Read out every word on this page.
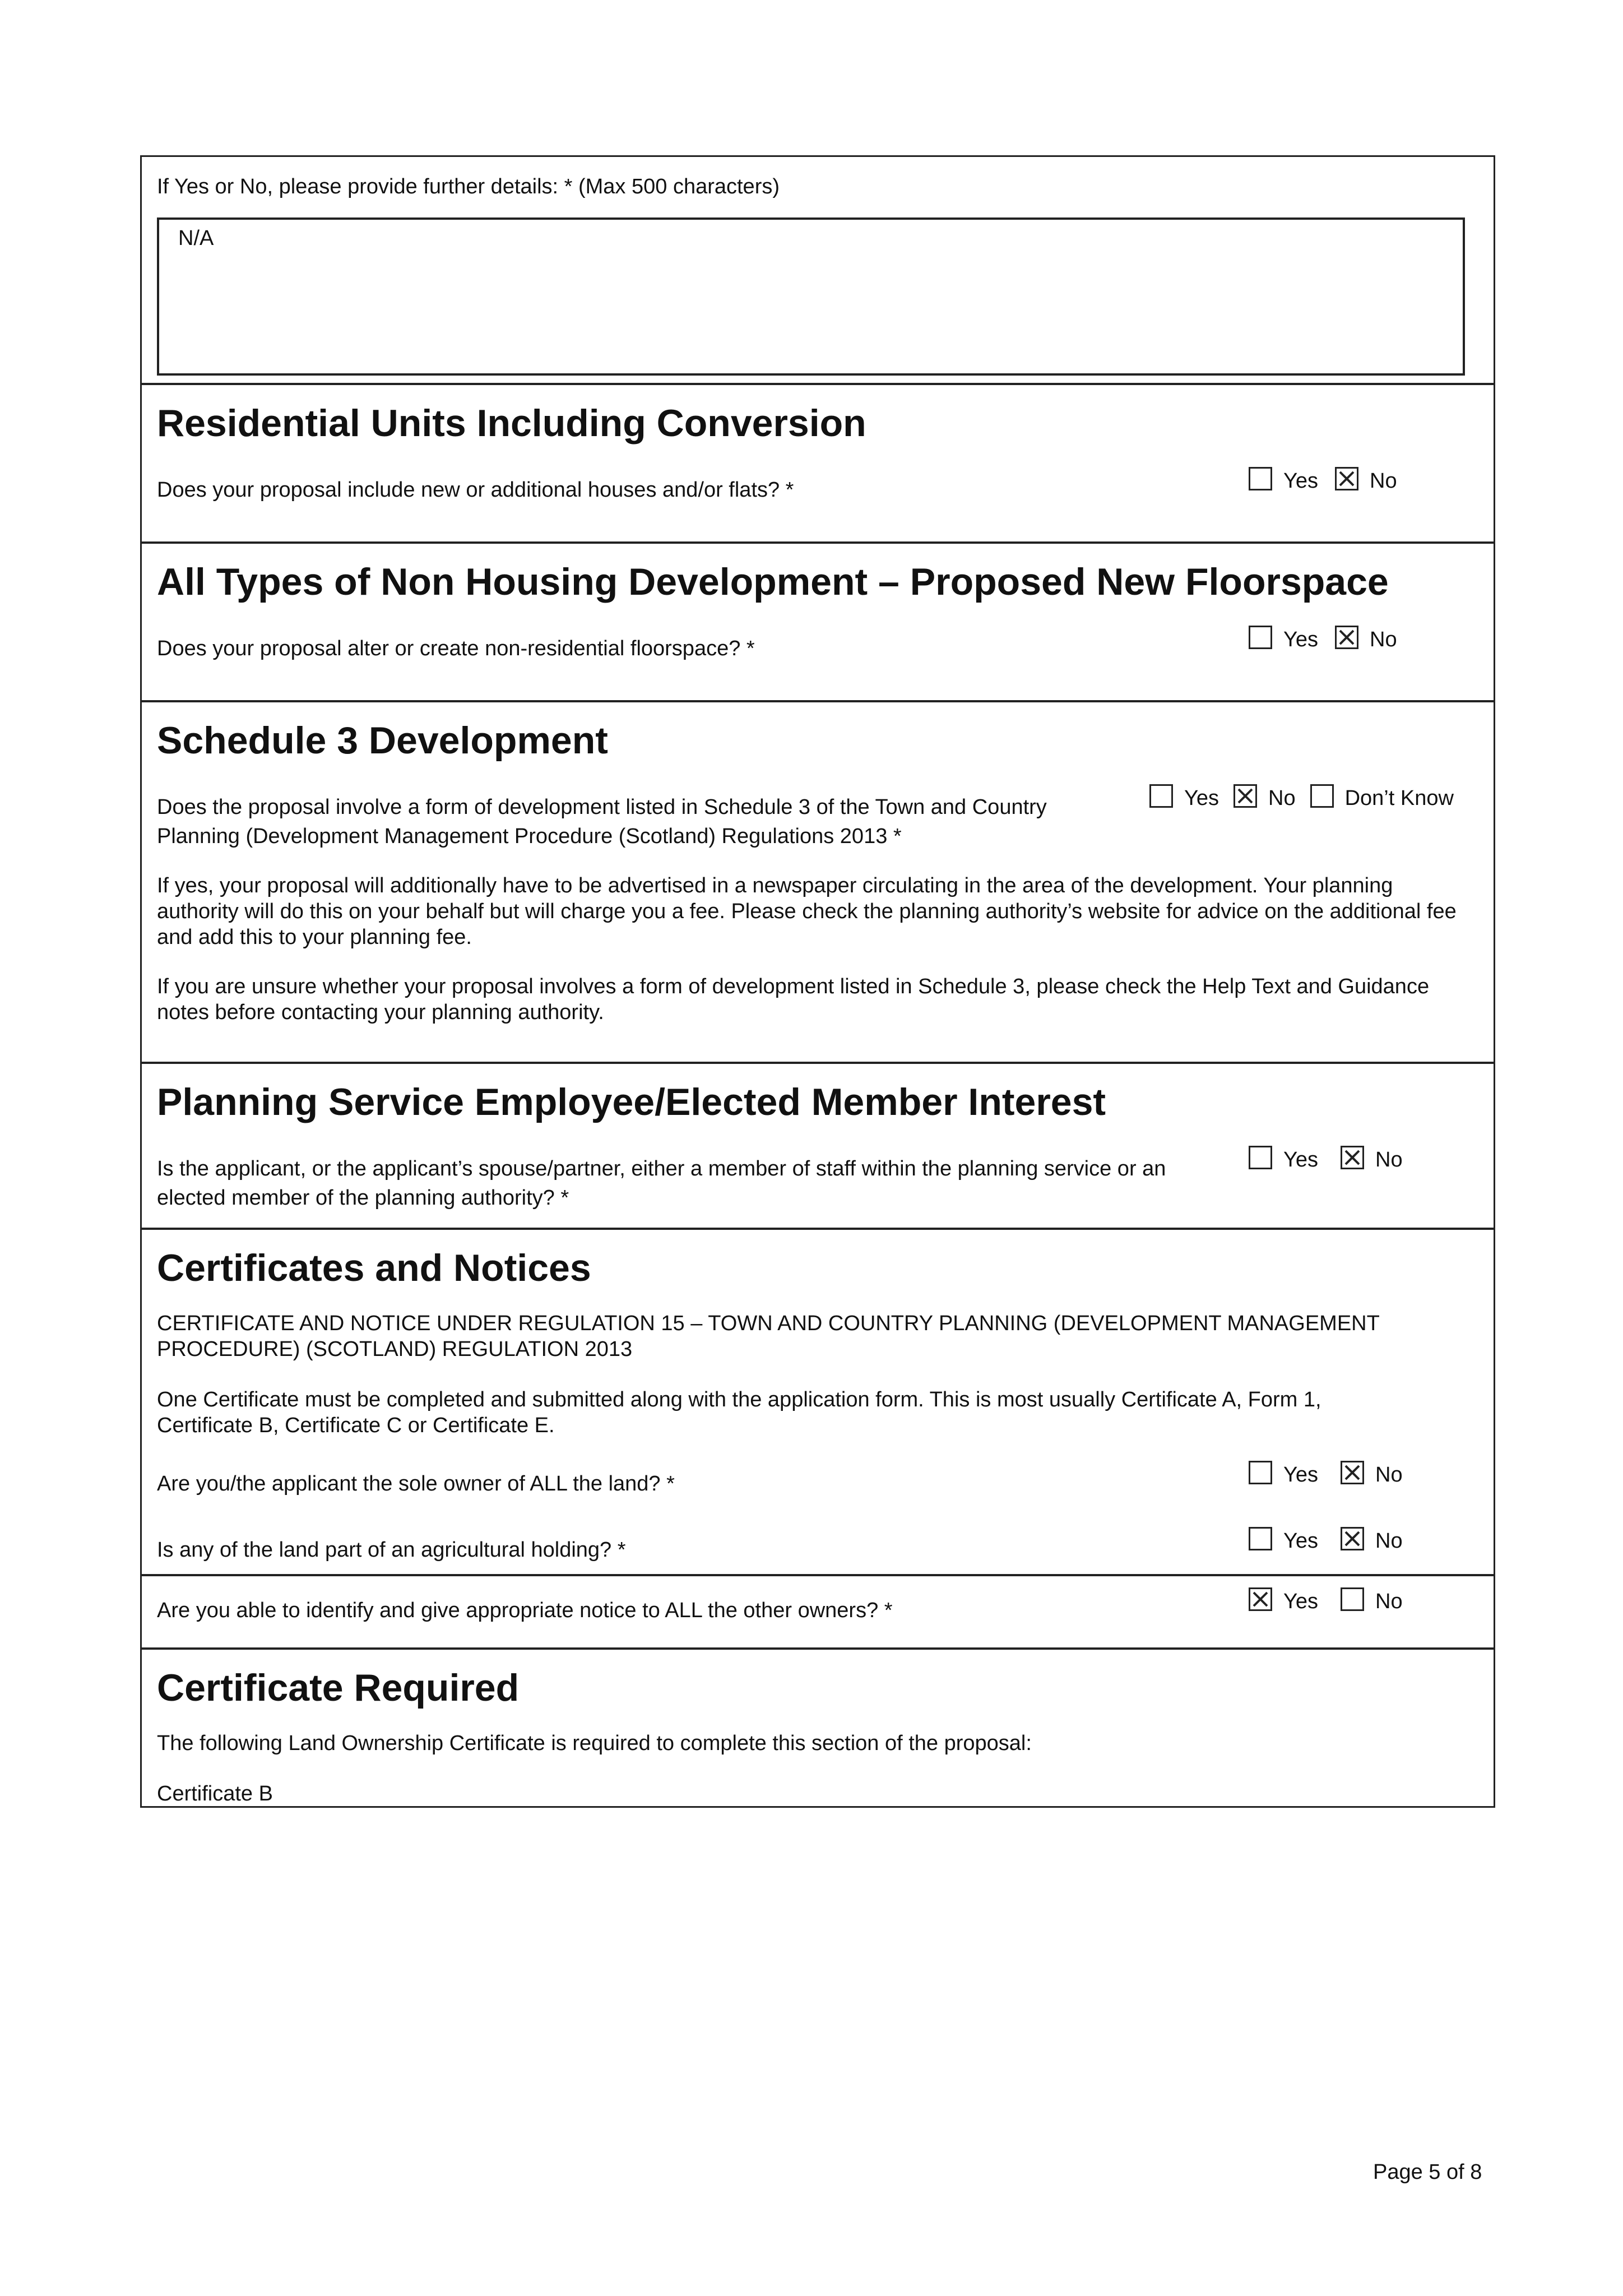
If Yes or No, please provide further details: * (Max 500 characters)
N/A
Residential Units Including Conversion
Does your proposal include new or additional houses and/or flats? *	Yes No
All Types of Non Housing Development – Proposed New Floorspace
Does your proposal alter or create non-residential floorspace? *	Yes No
Schedule 3 Development
Does the proposal involve a form of development listed in Schedule 3 of the Town and Country
Planning (Development Management Procedure (Scotland) Regulations 2013 *
Yes No Don’t Know
If yes, your proposal will additionally have to be advertised in a newspaper circulating in the area of the development. Your planning authority will do this on your behalf but will charge you a fee. Please check the planning authority’s website for advice on the additional fee and add this to your planning fee.
If you are unsure whether your proposal involves a form of development listed in Schedule 3, please check the Help Text and Guidance notes before contacting your planning authority.
Planning Service Employee/Elected Member Interest
Is the applicant, or the applicant’s spouse/partner, either a member of staff within the planning service or an
elected member of the planning authority? *
Yes	No
Certificates and Notices
CERTIFICATE AND NOTICE UNDER REGULATION 15 – TOWN AND COUNTRY PLANNING (DEVELOPMENT MANAGEMENT PROCEDURE) (SCOTLAND) REGULATION 2013
One Certificate must be completed and submitted along with the application form. This is most usually Certificate A, Form 1, Certificate B, Certificate C or Certificate E.
Are you/the applicant the sole owner of ALL the land? *	Yes	No
Is any of the land part of an agricultural holding? *	Yes	No
Are you able to identify and give appropriate notice to ALL the other owners? *	Yes	No
Certificate Required
The following Land Ownership Certificate is required to complete this section of the proposal:
Certificate B
Page 5 of 8
